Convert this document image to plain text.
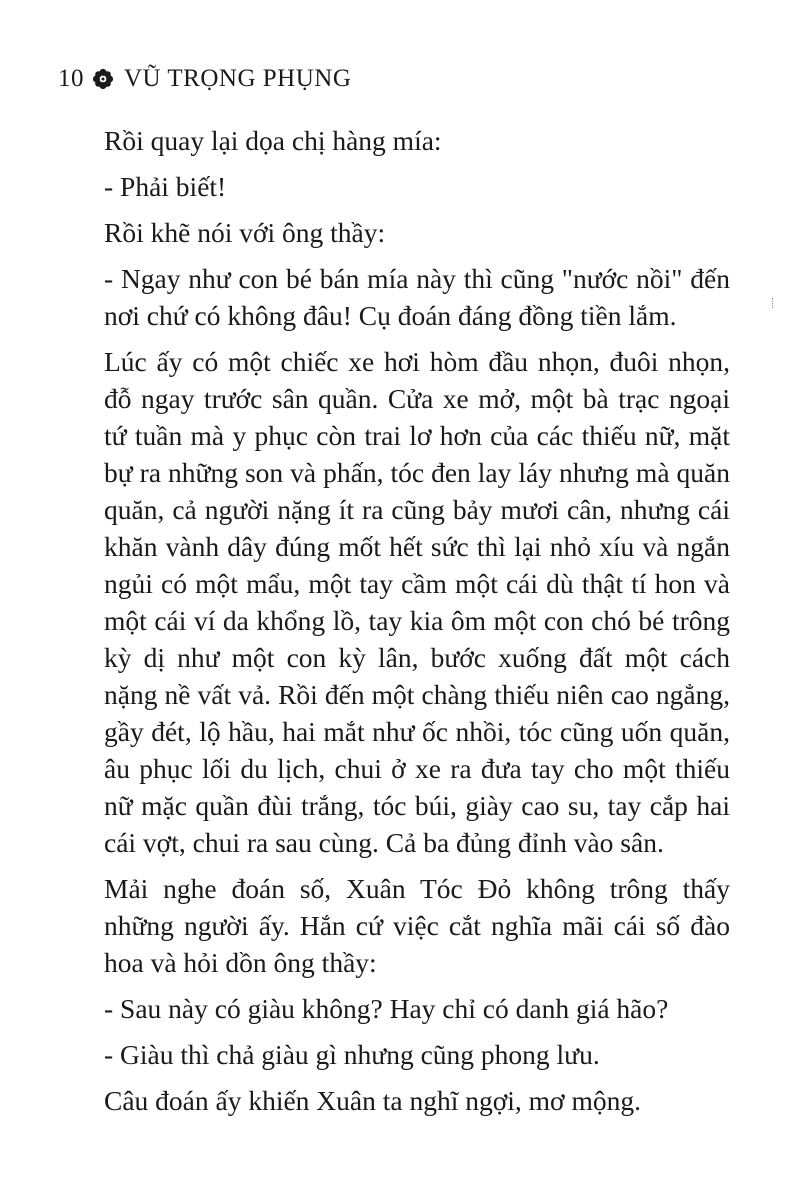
10 VŨ TRỌNG PHỤNG

Rồi quay lại dọa chị hàng mía:

- Phải biết!

Rồi khẽ nói với ông thầy:

- Ngay như con bé bán mía này thì cũng "nước nồi" đến nơi chứ có không đâu! Cụ đoán đáng đồng tiền lắm.

Lúc ấy có một chiếc xe hơi hòm đầu nhọn, đuôi nhọn, đỗ ngay trước sân quần. Cửa xe mở, một bà trạc ngoại tứ tuần mà y phục còn trai lơ hơn của các thiếu nữ, mặt bự ra những son và phấn, tóc đen lay láy nhưng mà quăn quăn, cả người nặng ít ra cũng bảy mươi cân, nhưng cái khăn vành dây đúng mốt hết sức thì lại nhỏ xíu và ngắn ngủi có một mẩu, một tay cầm một cái dù thật tí hon và một cái ví da khổng lồ, tay kia ôm một con chó bé trông kỳ dị như một con kỳ lân, bước xuống đất một cách nặng nề vất vả. Rồi đến một chàng thiếu niên cao ngẳng, gầy đét, lộ hầu, hai mắt như ốc nhồi, tóc cũng uốn quăn, âu phục lối du lịch, chui ở xe ra đưa tay cho một thiếu nữ mặc quần đùi trắng, tóc búi, giày cao su, tay cắp hai cái vợt, chui ra sau cùng. Cả ba đủng đỉnh vào sân.

Mải nghe đoán số, Xuân Tóc Đỏ không trông thấy những người ấy. Hắn cứ việc cắt nghĩa mãi cái số đào hoa và hỏi dồn ông thầy:

- Sau này có giàu không? Hay chỉ có danh giá hão?

- Giàu thì chả giàu gì nhưng cũng phong lưu.

Câu đoán ấy khiến Xuân ta nghĩ ngợi, mơ mộng.
